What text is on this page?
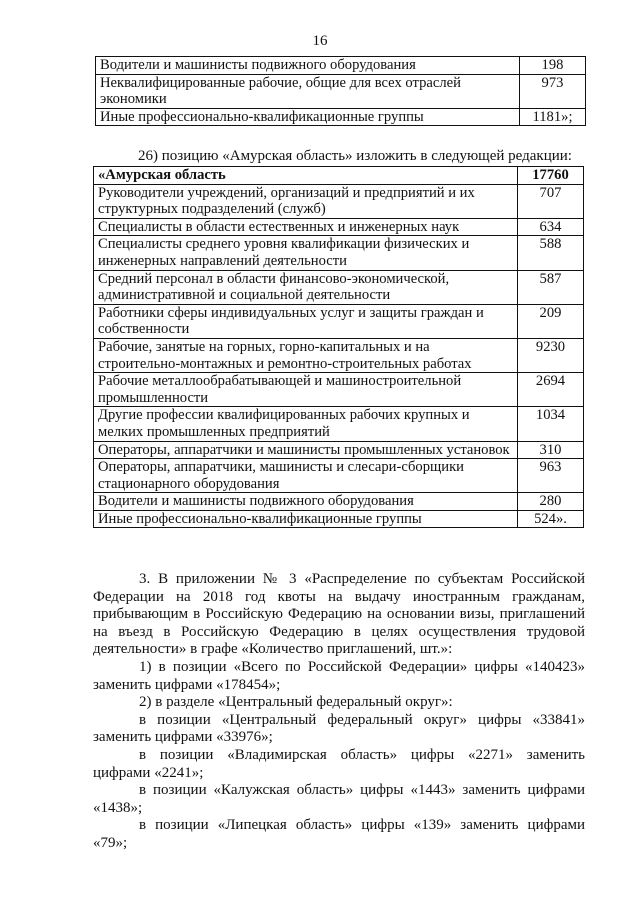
16
Водители и машинисты подвижного оборудования	198
Неквалифицированные рабочие, общие для всех отраслей экономики	973
Иные профессионально-квалификационные группы	1181»;
26) позицию «Амурская область» изложить в следующей редакции:
«Амурская область	17760
Руководители учреждений, организаций и предприятий и их структурных подразделений (служб)	707
Специалисты в области естественных и инженерных наук	634
Специалисты среднего уровня квалификации физических и инженерных направлений деятельности	588
Средний персонал в области финансово-экономической, административной и социальной деятельности	587
Работники сферы индивидуальных услуг и защиты граждан и собственности	209
Рабочие, занятые на горных, горно-капитальных и на строительно-монтажных и ремонтно-строительных работах	9230
Рабочие металлообрабатывающей и машиностроительной промышленности	2694
Другие профессии квалифицированных рабочих крупных и мелких промышленных предприятий	1034
Операторы, аппаратчики и машинисты промышленных установок	310
Операторы, аппаратчики, машинисты и слесари-сборщики стационарного оборудования	963
Водители и машинисты подвижного оборудования	280
Иные профессионально-квалификационные группы	524».

3. В приложении № 3 «Распределение по субъектам Российской Федерации на 2018 год квоты на выдачу иностранным гражданам, прибывающим в Российскую Федерацию на основании визы, приглашений на въезд в Российскую Федерацию в целях осуществления трудовой деятельности» в графе «Количество приглашений, шт.»:

1) в позиции «Всего по Российской Федерации» цифры «140423» заменить цифрами «178454»;

2) в разделе «Центральный федеральный округ»:

в позиции «Центральный федеральный округ» цифры «33841» заменить цифрами «33976»;

в позиции «Владимирская область» цифры «2271» заменить цифрами «2241»;

в позиции «Калужская область» цифры «1443» заменить цифрами «1438»;

в позиции «Липецкая область» цифры «139» заменить цифрами «79»;
